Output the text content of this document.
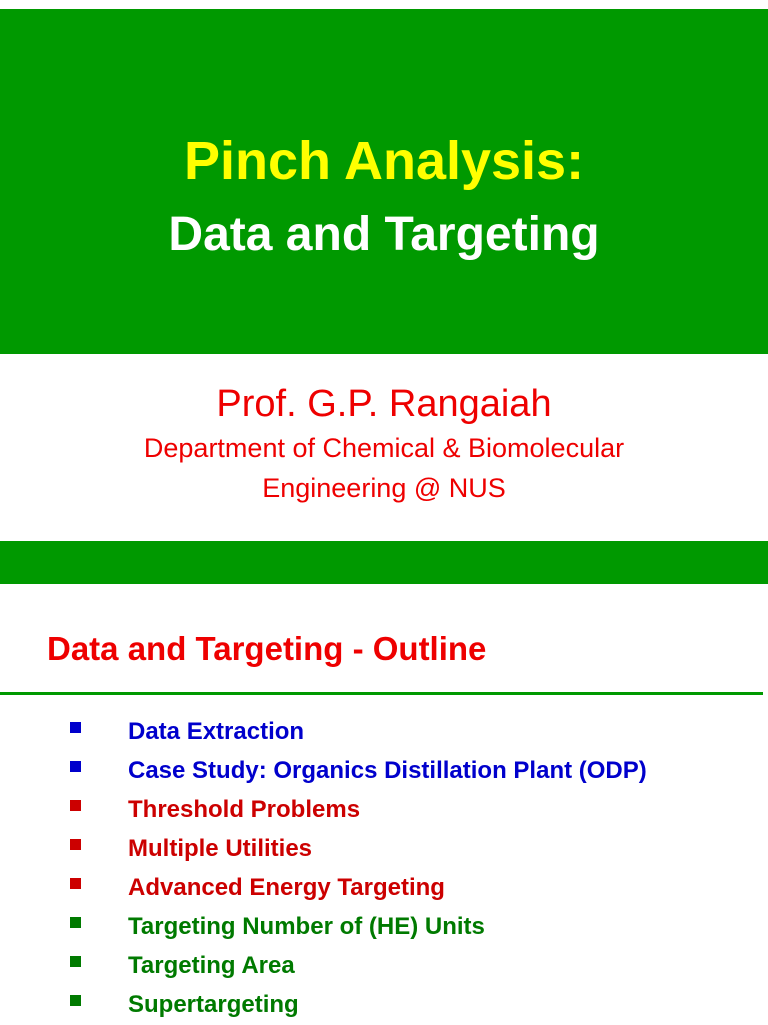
Pinch Analysis:
Data and Targeting
Prof. G.P. Rangaiah
Department of Chemical & Biomolecular
Engineering @ NUS
Data and Targeting - Outline
Data Extraction
Case Study: Organics Distillation Plant (ODP)
Threshold Problems
Multiple Utilities
Advanced Energy Targeting
Targeting Number of (HE) Units
Targeting Area
Supertargeting
